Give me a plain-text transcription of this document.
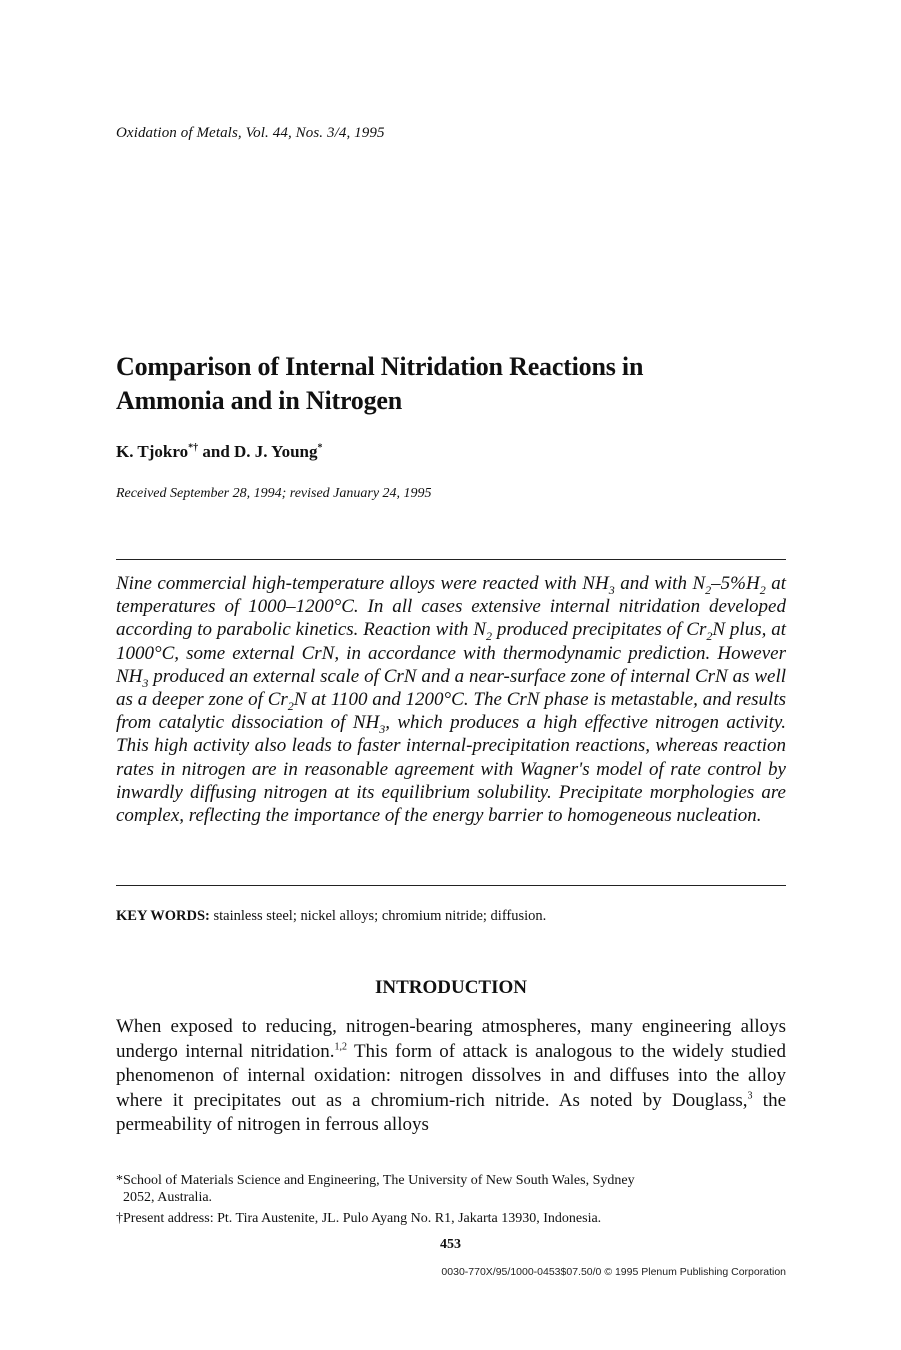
Oxidation of Metals, Vol. 44, Nos. 3/4, 1995
Comparison of Internal Nitridation Reactions in Ammonia and in Nitrogen
K. Tjokro*† and D. J. Young*
Received September 28, 1994; revised January 24, 1995

Nine commercial high-temperature alloys were reacted with $NH_3$ and with $N_2-5\%H_2$ at temperatures of 1000–1200°C. In all cases extensive internal nitridation developed according to parabolic kinetics. Reaction with $N_2$ produced precipitates of $Cr_2N$ plus, at 1000°C, some external CrN, in accordance with thermodynamic prediction. However $NH_3$ produced an external scale of CrN and a near-surface zone of internal CrN as well as a deeper zone of $Cr_2N$ at 1100 and 1200°C. The CrN phase is metastable, and results from catalytic dissociation of $NH_3$, which produces a high effective nitrogen activity. This high activity also leads to faster internal-precipitation reactions, whereas reaction rates in nitrogen are in reasonable agreement with Wagner's model of rate control by inwardly diffusing nitrogen at its equilibrium solubility. Precipitate morphologies are complex, reflecting the importance of the energy barrier to homogeneous nucleation.

KEY WORDS: stainless steel; nickel alloys; chromium nitride; diffusion.
INTRODUCTION

When exposed to reducing, nitrogen-bearing atmospheres, many engineering alloys undergo internal nitridation.$^{1,2}$ This form of attack is analogous to the widely studied phenomenon of internal oxidation: nitrogen dissolves in and diffuses into the alloy where it precipitates out as a chromium-rich nitride. As noted by Douglass,$^3$ the permeability of nitrogen in ferrous alloys

*School of Materials Science and Engineering, The University of New South Wales, Sydney
2052, Australia.
†Present address: Pt. Tira Austenite, JL. Pulo Ayang No. R1, Jakarta 13930, Indonesia.
453
0030-770X/95/1000-0453$07.50/0 © 1995 Plenum Publishing Corporation
